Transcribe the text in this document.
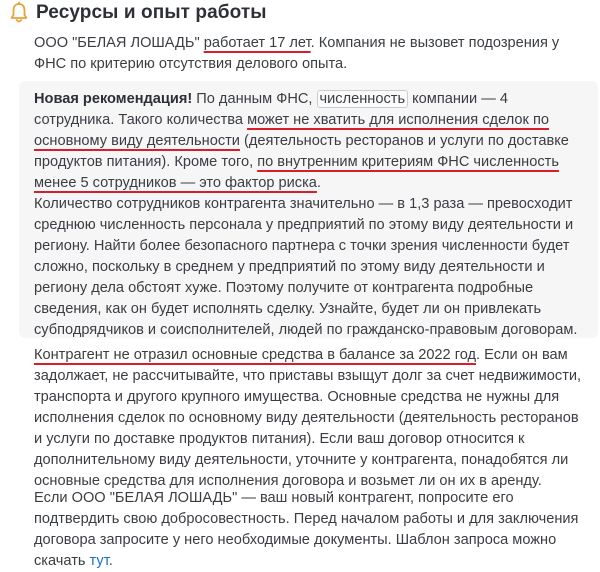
Ресурсы и опыт работы

ООО "БЕЛАЯ ЛОШАДЬ" работает 17 лет. Компания не вызовет подозрения у ФНС по критерию отсутствия делового опыта.

Новая рекомендация! По данным ФНС, численность компании — 4 сотрудника. Такого количества может не хватить для исполнения сделок по основному виду деятельности (деятельность ресторанов и услуги по доставке продуктов питания). Кроме того, по внутренним критериям ФНС численность менее 5 сотрудников — это фактор риска.

Количество сотрудников контрагента значительно — в 1,3 раза — превосходит среднюю численность персонала у предприятий по этому виду деятельности и региону. Найти более безопасного партнера с точки зрения численности будет сложно, поскольку в среднем у предприятий по этому виду деятельности и региону дела обстоят хуже. Поэтому получите от контрагента подробные сведения, как он будет исполнять сделку. Узнайте, будет ли он привлекать субподрядчиков и соисполнителей, людей по гражданско-правовым договорам.

Контрагент не отразил основные средства в балансе за 2022 год. Если он вам задолжает, не рассчитывайте, что приставы взыщут долг за счет недвижимости, транспорта и другого крупного имущества. Основные средства не нужны для исполнения сделок по основному виду деятельности (деятельность ресторанов и услуги по доставке продуктов питания). Если ваш договор относится к дополнительному виду деятельности, уточните у контрагента, понадобятся ли основные средства для исполнения договора и возьмет ли он их в аренду.

Если ООО "БЕЛАЯ ЛОШАДЬ" — ваш новый контрагент, попросите его подтвердить свою добросовестность. Перед началом работы и для заключения договора запросите у него необходимые документы. Шаблон запроса можно скачать тут.
